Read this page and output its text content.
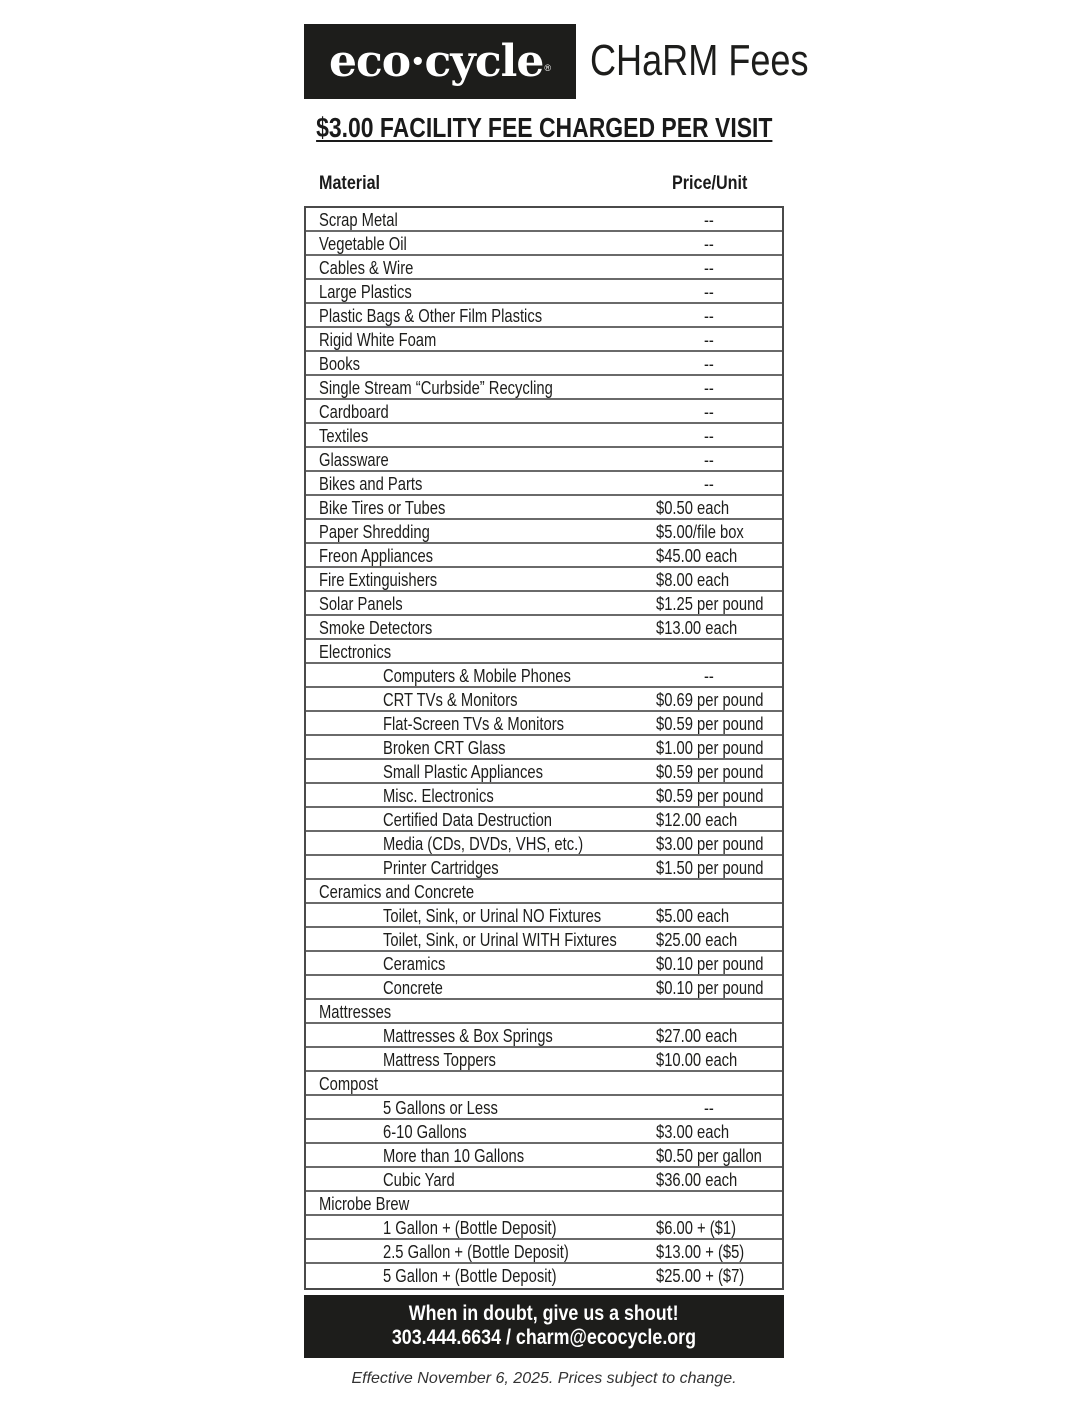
eco·cycle ® CHaRM Fees
$3.00 FACILITY FEE CHARGED PER VISIT
Material	Price/Unit
Scrap Metal	--
Vegetable Oil	--
Cables & Wire	--
Large Plastics	--
Plastic Bags & Other Film Plastics	--
Rigid White Foam	--
Books	--
Single Stream “Curbside” Recycling	--
Cardboard	--
Textiles	--
Glassware	--
Bikes and Parts	--
Bike Tires or Tubes	$0.50 each
Paper Shredding	$5.00/file box
Freon Appliances	$45.00 each
Fire Extinguishers	$8.00 each
Solar Panels	$1.25 per pound
Smoke Detectors	$13.00 each
Electronics
Computers & Mobile Phones	--
CRT TVs & Monitors	$0.69 per pound
Flat-Screen TVs & Monitors	$0.59 per pound
Broken CRT Glass	$1.00 per pound
Small Plastic Appliances	$0.59 per pound
Misc. Electronics	$0.59 per pound
Certified Data Destruction	$12.00 each
Media (CDs, DVDs, VHS, etc.)	$3.00 per pound
Printer Cartridges	$1.50 per pound
Ceramics and Concrete
Toilet, Sink, or Urinal NO Fixtures	$5.00 each
Toilet, Sink, or Urinal WITH Fixtures $25.00 each
Ceramics	$0.10 per pound
Concrete	$0.10 per pound
Mattresses
Mattresses & Box Springs	$27.00 each
Mattress Toppers	$10.00 each
Compost
5 Gallons or Less	--
6-10 Gallons	$3.00 each
More than 10 Gallons	$0.50 per gallon
Cubic Yard	$36.00 each
Microbe Brew
1 Gallon + (Bottle Deposit)	$6.00 + ($1)
2.5 Gallon + (Bottle Deposit)	$13.00 + ($5)
5 Gallon + (Bottle Deposit)	$25.00 + ($7)
When in doubt, give us a shout!
303.444.6634 / charm@ecocycle.org
Effective November 6, 2025. Prices subject to change.
